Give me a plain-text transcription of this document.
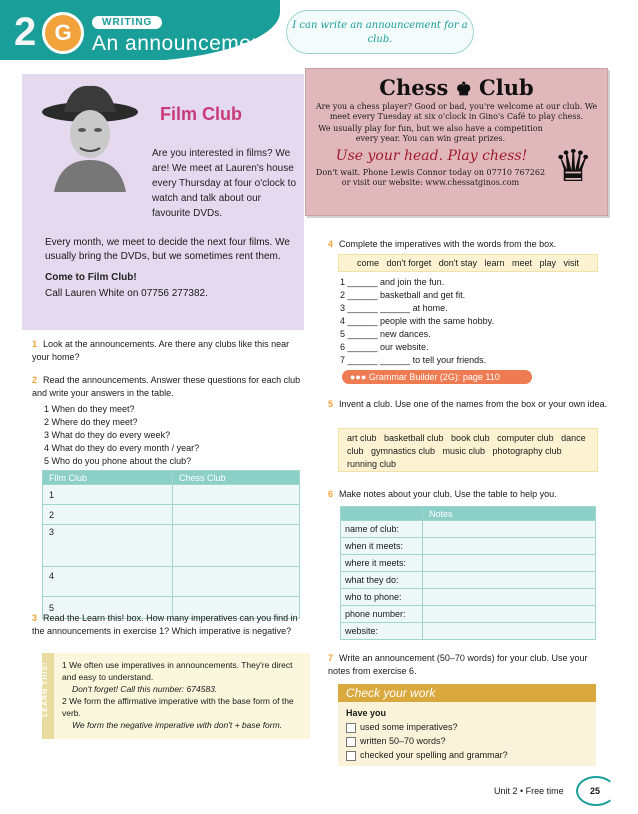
2 G	WRITING
An announcement
I can write an announcement for a club.
Film Club
Are you interested in films? We are! We meet at Lauren's house every Thursday at four o'clock to watch and talk about our favourite DVDs.

Every month, we meet to decide the next four films. We usually bring the DVDs, but we sometimes rent them.

Come to Film Club!

Call Lauren White on 07756 277382.

Chess ♚ Club

Are you a chess player? Good or bad, you're welcome at our club. We meet every Tuesday at six o'clock in Gino's Café to play chess.

We usually play for fun, but we also have a competition every year. You can win great prizes.

Use your head. Play chess!

Don't wait. Phone Lewis Connor today on 07710 767262 or visit our website: www.chessatginos.com ♛
1 Look at the announcements. Are there any clubs like this near your home?
2 Read the announcements. Answer these questions for each club and write your answers in the table.
1 When do they meet?
2 Where do they meet?
3 What do they do every week?
4 What do they do every month / year?
5 Who do you phone about the club?
Film Club	Chess Club
1	
2	
3	
4	
5	
3 Read the Learn this! box. How many imperatives can you find in the announcements in exercise 1? Which imperative is negative?
LEARN THIS!	1 We often use imperatives in announcements. They're direct and easy to understand.
Don't forget! Call this number: 674583.
2 We form the affirmative imperative with the base form of the verb.
We form the negative imperative with don't + base form.
4 Complete the imperatives with the words from the box.
come   don't forget   don't stay   learn   meet   play   visit
1 ______ and join the fun.
2 ______ basketball and get fit.
3 ______ ______ at home.
4 ______ people with the same hobby.
5 ______ new dances.
6 ______ our website.
7 ______ ______ to tell your friends.
●●● Grammar Builder (2G): page 110
5 Invent a club. Use one of the names from the box or your own idea.
art club   basketball club   book club   computer club   dance club   gymnastics club   music club   photography club   running club
6 Make notes about your club. Use the table to help you.
	Notes
name of club:	
when it meets:	
where it meets:	
what they do:	
who to phone:	
phone number:	
website:	
7 Write an announcement (50–70 words) for your club. Use your notes from exercise 6.
Check your work
Have you
used some imperatives?
written 50–70 words?
checked your spelling and grammar?
Unit 2 • Free time	25
